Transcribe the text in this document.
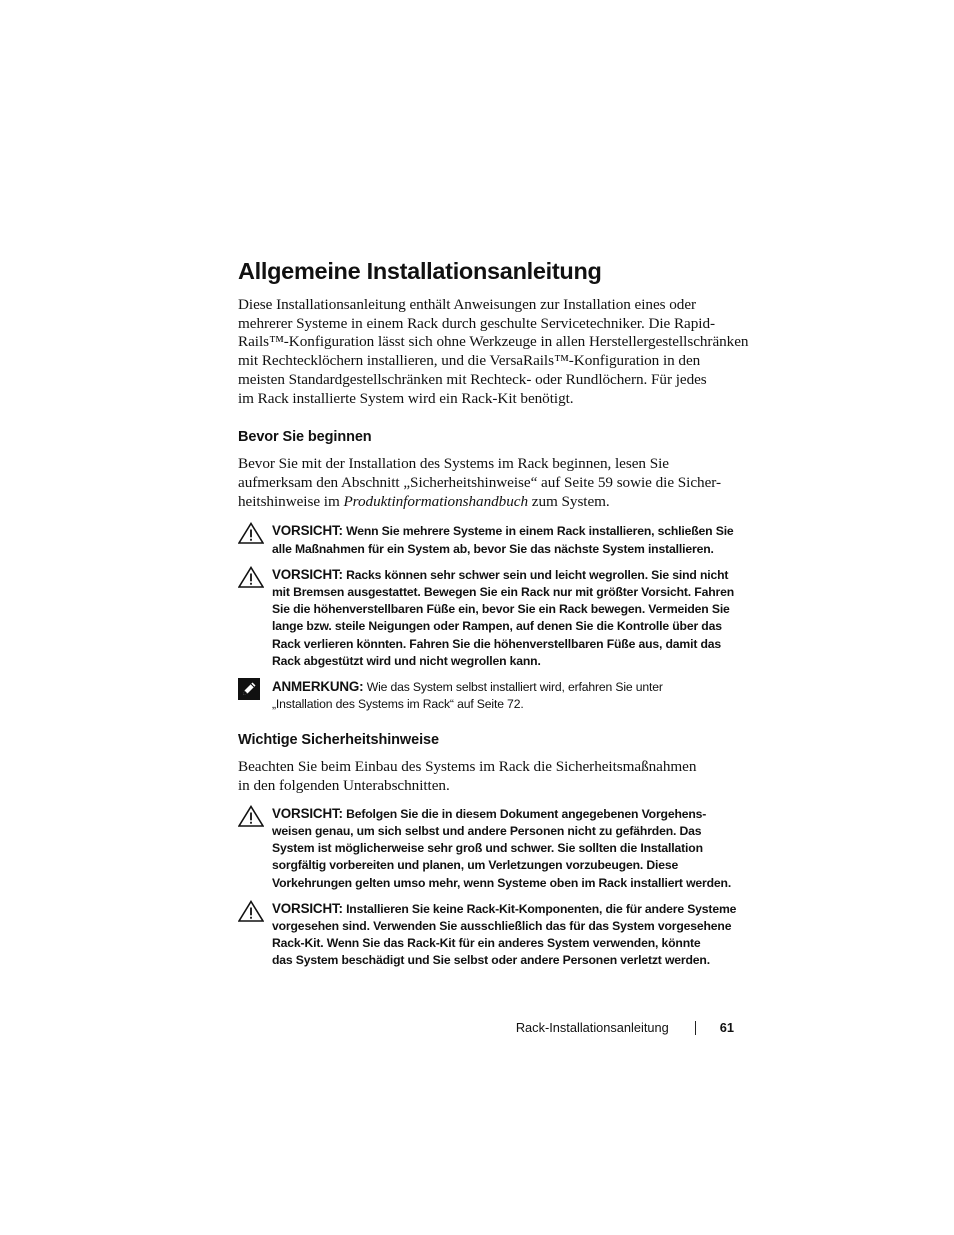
Allgemeine Installationsanleitung

Diese Installationsanleitung enthält Anweisungen zur Installation eines oder
mehrerer Systeme in einem Rack durch geschulte Servicetechniker. Die Rapid-
Rails™-Konfiguration lässt sich ohne Werkzeuge in allen Herstellergestellschränken
mit Rechtecklöchern installieren, und die VersaRails™-Konfiguration in den
meisten Standardgestellschränken mit Rechteck- oder Rundlöchern. Für jedes
im Rack installierte System wird ein Rack-Kit benötigt.

Bevor Sie beginnen

Bevor Sie mit der Installation des Systems im Rack beginnen, lesen Sie
aufmerksam den Abschnitt „Sicherheitshinweise“ auf Seite 59 sowie die Sicher-
heitshinweise im Produktinformationshandbuch zum System.

VORSICHT: Wenn Sie mehrere Systeme in einem Rack installieren, schließen Sie
alle Maßnahmen für ein System ab, bevor Sie das nächste System installieren.
VORSICHT: Racks können sehr schwer sein und leicht wegrollen. Sie sind nicht
mit Bremsen ausgestattet. Bewegen Sie ein Rack nur mit größter Vorsicht. Fahren
Sie die höhenverstellbaren Füße ein, bevor Sie ein Rack bewegen. Vermeiden Sie
lange bzw. steile Neigungen oder Rampen, auf denen Sie die Kontrolle über das
Rack verlieren könnten. Fahren Sie die höhenverstellbaren Füße aus, damit das
Rack abgestützt wird und nicht wegrollen kann.
ANMERKUNG: Wie das System selbst installiert wird, erfahren Sie unter
„Installation des Systems im Rack“ auf Seite 72.
Wichtige Sicherheitshinweise

Beachten Sie beim Einbau des Systems im Rack die Sicherheitsmaßnahmen
in den folgenden Unterabschnitten.

VORSICHT: Befolgen Sie die in diesem Dokument angegebenen Vorgehens-
weisen genau, um sich selbst und andere Personen nicht zu gefährden. Das
System ist möglicherweise sehr groß und schwer. Sie sollten die Installation
sorgfältig vorbereiten und planen, um Verletzungen vorzubeugen. Diese
Vorkehrungen gelten umso mehr, wenn Systeme oben im Rack installiert werden.
VORSICHT: Installieren Sie keine Rack-Kit-Komponenten, die für andere Systeme
vorgesehen sind. Verwenden Sie ausschließlich das für das System vorgesehene
Rack-Kit. Wenn Sie das Rack-Kit für ein anderes System verwenden, könnte
das System beschädigt und Sie selbst oder andere Personen verletzt werden.
Rack-Installationsanleitung	61
